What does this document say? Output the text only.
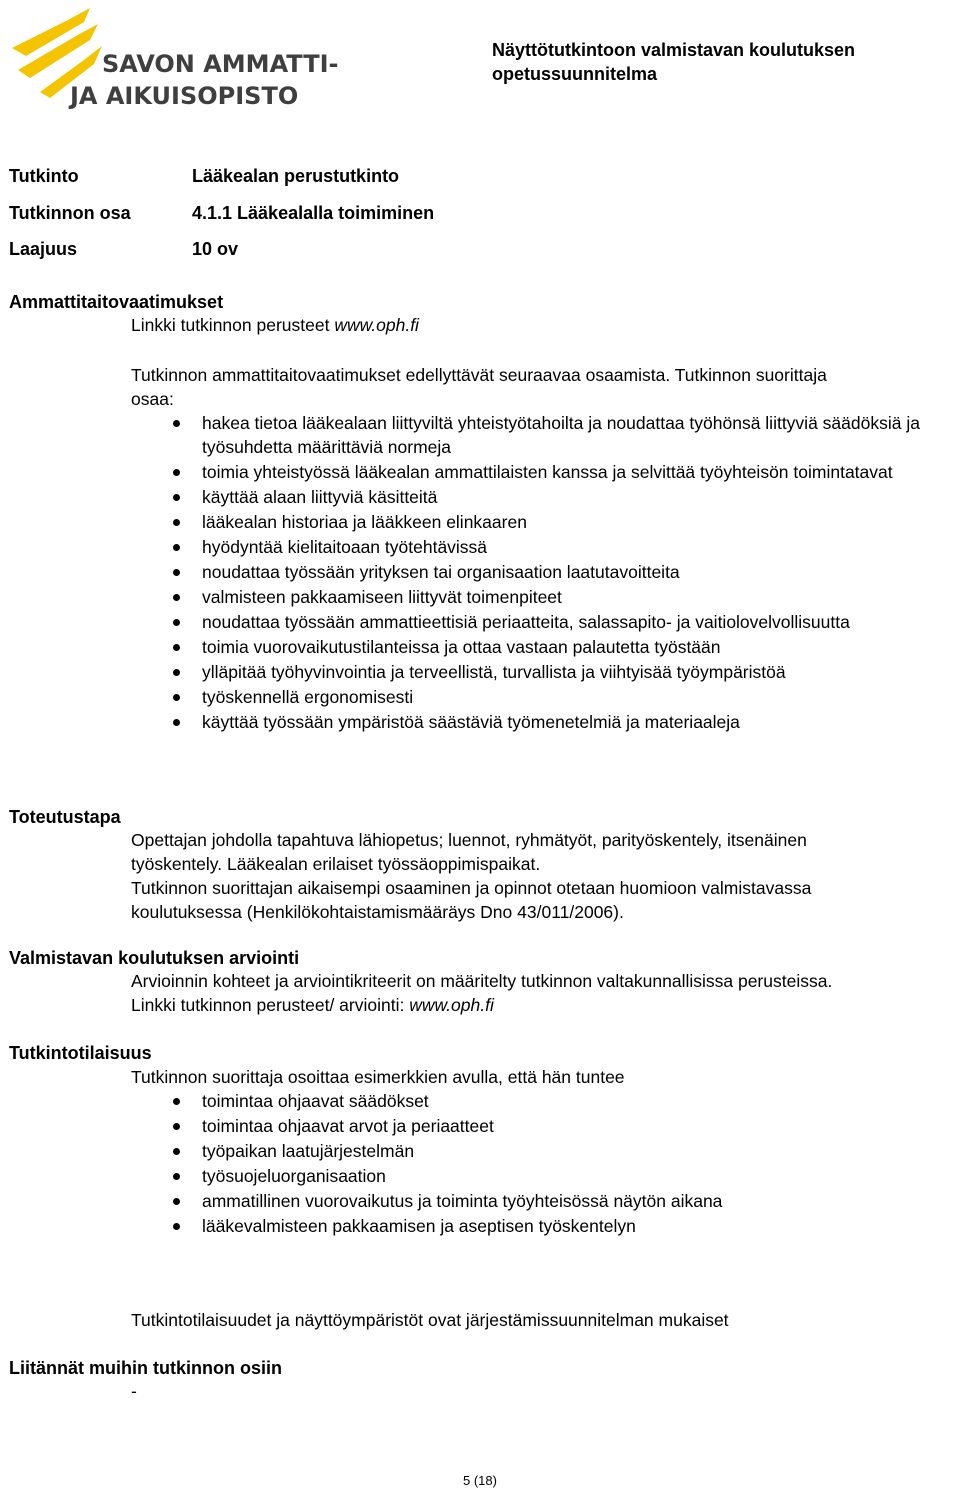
SAVON AMMATTI-
JA AIKUISOPISTO
Näyttötutkintoon valmistavan koulutuksen opetussuunnitelma
Tutkinto	Lääkealan perustutkinto
Tutkinnon osa	4.1.1 Lääkealalla toimiminen
Laajuus	10 ov
Ammattitaitovaatimukset
Linkki tutkinnon perusteet www.oph.fi
Tutkinnon ammattitaitovaatimukset edellyttävät seuraavaa osaamista. Tutkinnon suorittaja
osaa:
hakea tietoa lääkealaan liittyviltä yhteistyötahoilta ja noudattaa työhönsä liittyviä säädöksiä ja työsuhdetta määrittäviä normeja
toimia yhteistyössä lääkealan ammattilaisten kanssa ja selvittää työyhteisön toimintatavat
käyttää alaan liittyviä käsitteitä
lääkealan historiaa ja lääkkeen elinkaaren
hyödyntää kielitaitoaan työtehtävissä
noudattaa työssään yrityksen tai organisaation laatutavoitteita
valmisteen pakkaamiseen liittyvät toimenpiteet
noudattaa työssään ammattieettisiä periaatteita, salassapito- ja vaitiolovelvollisuutta
toimia vuorovaikutustilanteissa ja ottaa vastaan palautetta työstään
ylläpitää työhyvinvointia ja terveellistä, turvallista ja viihtyisää työympäristöä
työskennellä ergonomisesti
käyttää työssään ympäristöä säästäviä työmenetelmiä ja materiaaleja
Toteutustapa
Opettajan johdolla tapahtuva lähiopetus; luennot, ryhmätyöt, parityöskentely, itsenäinen
työskentely. Lääkealan erilaiset työssäoppimispaikat.
Tutkinnon suorittajan aikaisempi osaaminen ja opinnot otetaan huomioon valmistavassa
koulutuksessa (Henkilökohtaistamismääräys Dno 43/011/2006).
Valmistavan koulutuksen arviointi
Arvioinnin kohteet ja arviointikriteerit on määritelty tutkinnon valtakunnallisissa perusteissa.
Linkki tutkinnon perusteet/ arviointi: www.oph.fi
Tutkintotilaisuus
Tutkinnon suorittaja osoittaa esimerkkien avulla, että hän tuntee
toimintaa ohjaavat säädökset
toimintaa ohjaavat arvot ja periaatteet
työpaikan laatujärjestelmän
työsuojeluorganisaation
ammatillinen vuorovaikutus ja toiminta työyhteisössä näytön aikana
lääkevalmisteen pakkaamisen ja aseptisen työskentelyn
Tutkintotilaisuudet ja näyttöympäristöt ovat järjestämissuunnitelman mukaiset
Liitännät muihin tutkinnon osiin
-
5 (18)
